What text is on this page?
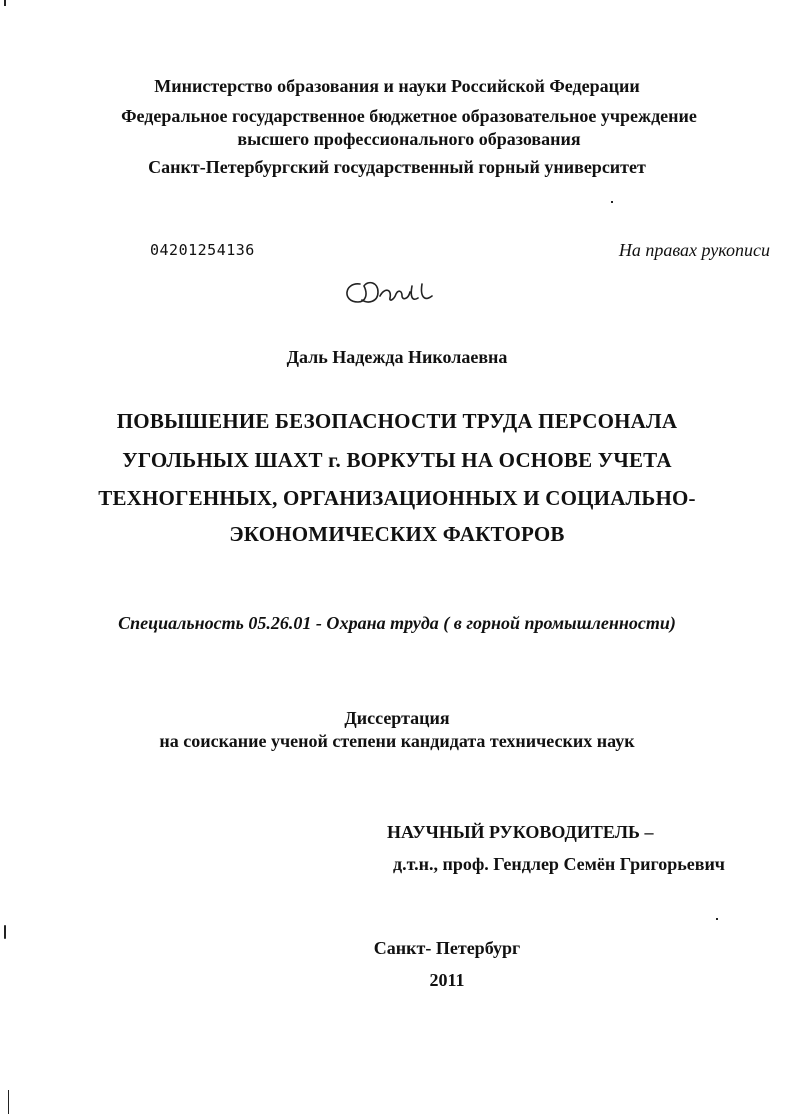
Министерство образования и науки Российской Федерации
Федеральное государственное бюджетное образовательное учреждение
высшего профессионального образования
Санкт-Петербургский государственный горный университет
04201254136	На правах рукописи
Даль Надежда Николаевна
ПОВЫШЕНИЕ БЕЗОПАСНОСТИ ТРУДА ПЕРСОНАЛА
УГОЛЬНЫХ ШАХТ г. ВОРКУТЫ НА ОСНОВЕ УЧЕТА
ТЕХНОГЕННЫХ, ОРГАНИЗАЦИОННЫХ И СОЦИАЛЬНО-
ЭКОНОМИЧЕСКИХ ФАКТОРОВ
Специальность 05.26.01 - Охрана труда ( в горной промышленности)
Диссертация
на соискание ученой степени кандидата технических наук
НАУЧНЫЙ РУКОВОДИТЕЛЬ –
д.т.н., проф. Гендлер Семён Григорьевич
Санкт- Петербург
2011
